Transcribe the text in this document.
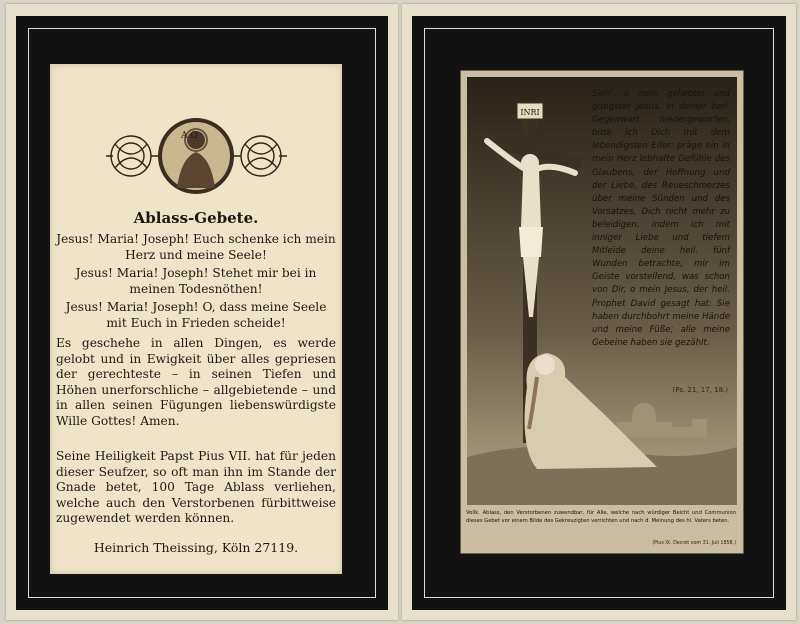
A Ω
Ablass-Gebete.
Jesus! Maria! Joseph! Euch schenke ich mein Herz und meine Seele!
Jesus! Maria! Joseph! Stehet mir bei in meinen Todesnöthen!
Jesus! Maria! Joseph! O, dass meine Seele mit Euch in Frieden scheide!
Es geschehe in allen Dingen, es werde gelobt und in Ewigkeit über alles gepriesen der gerechteste – in seinen Tiefen und Höhen unerforschliche – allgebietende – und in allen seinen Fügungen liebenswürdigste Wille Gottes! Amen.
Seine Heiligkeit Papst Pius VII. hat für jeden dieser Seufzer, so oft man ihn im Stande der Gnade betet, 100 Tage Ablass verliehen, welche auch den Verstorbenen fürbittweise zugewendet werden können.
Heinrich Theissing, Köln 27119.
INRI
Sieh', o mein geliebter und gütigster Jesus, in deiner heil. Gegenwart niedergeworfen, bitte ich Dich mit dem lebendigsten Eifer: präge ein in mein Herz lebhafte Gefühle des Glaubens, der Hoffnung und der Liebe, des Reueschmerzes über meine Sünden und des Vorsatzes, Dich nicht mehr zu beleidigen, indem ich mit inniger Liebe und tiefem Mitleide deine heil. fünf Wunden betrachte, mir im Geiste vorstellend, was schon von Dir, o mein Jesus, der heil. Prophet David gesagt hat: Sie haben durchbohrt meine Hände und meine Füße; alle meine Gebeine haben sie gezählt.
(Ps. 21, 17, 18.)
Vollk. Ablass, den Verstorbenen zuwendbar, für Alle, welche nach würdiger Beicht und Communion dieses Gebet vor einem Bilde des Gekreuzigten verrichten und nach d. Meinung des hl. Vaters beten.
(Pius IX. Decret vom 31. Juli 1858.)
